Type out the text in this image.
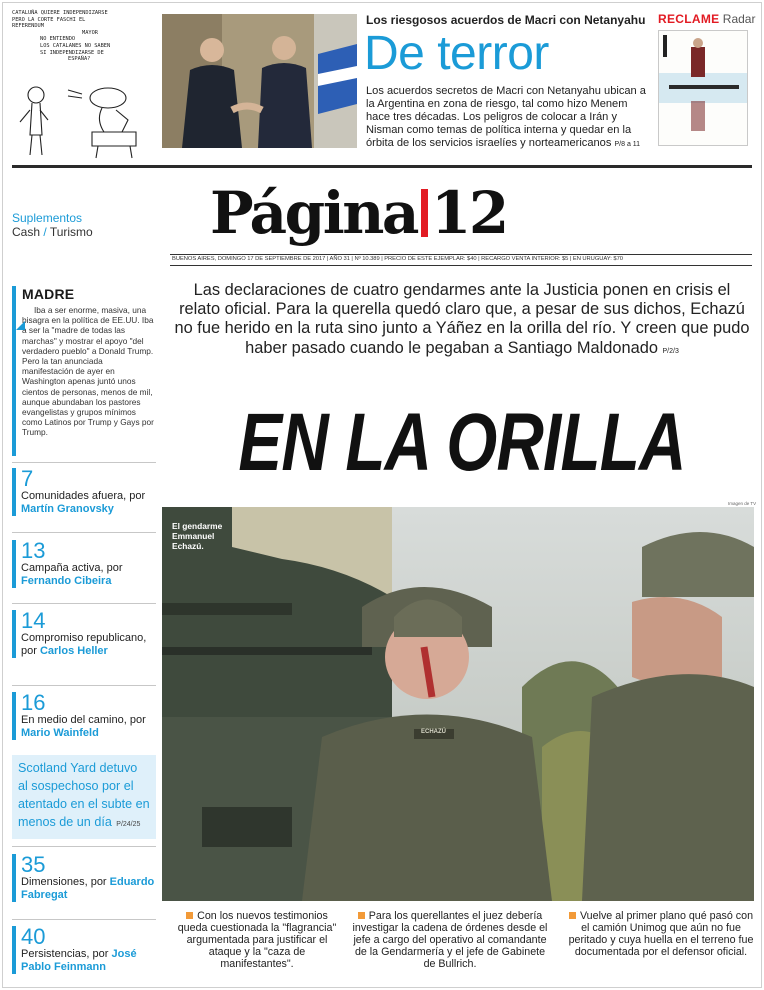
CATALUÑA QUIERE INDEPENDIZARSE
PERO LA CORTE FASCHI EL
REFERENDUM
MAYOR
NO ENTIENDO
LOS CATALANES NO SABEN
SI INDEPENDIZARSE DE
ESPAÑA?
Los riesgosos acuerdos de Macri con Netanyahu
De terror
Los acuerdos secretos de Macri con Netanyahu ubican a la Argentina en zona de riesgo, tal como hizo Menem hace tres décadas. Los peligros de colocar a Irán y Nisman como temas de política interna y quedar en la órbita de los servicios israelíes y norteamericanos P/8 a 11
RECLAME Radar
Suplementos
Cash / Turismo Página 12
BUENOS AIRES, DOMINGO 17 DE SEPTIEMBRE DE 2017 | AÑO 31 | Nº 10.389 | PRECIO DE ESTE EJEMPLAR: $40 | RECARGO VENTA INTERIOR: $5 | EN URUGUAY: $70
MADRE
Iba a ser enorme, masiva, una bisagra en la política de EE.UU. Iba a ser la "madre de todas las marchas" y mostrar el apoyo "del verdadero pueblo" a Donald Trump. Pero la tan anunciada manifestación de ayer en Washington apenas juntó unos cientos de personas, menos de mil, aunque abundaban los pastores evangelistas y grupos mínimos como Latinos por Trump y Gays por Trump.
7
Comunidades afuera, por Martín Granovsky
13
Campaña activa, por Fernando Cibeira
14
Compromiso republicano, por Carlos Heller
16
En medio del camino, por Mario Wainfeld
Scotland Yard detuvo al sospechoso por el atentado en el subte en menos de un día P/24/25
35
Dimensiones, por Eduardo Fabregat
40
Persistencias, por José Pablo Feinmann
Las declaraciones de cuatro gendarmes ante la Justicia ponen en crisis el relato oficial. Para la querella quedó claro que, a pesar de sus dichos, Echazú no fue herido en la ruta sino junto a Yáñez en la orilla del río. Y creen que pudo haber pasado cuando le pegaban a Santiago Maldonado P/2/3
EN LA ORILLA
Imagen de TV
ECHAZÚ
El gendarme Emmanuel Echazú.
Con los nuevos testimonios queda cuestionada la "flagrancia" argumentada para justificar el ataque y la "caza de manifestantes".
Para los querellantes el juez debería investigar la cadena de órdenes desde el jefe a cargo del operativo al comandante de la Gendarmería y el jefe de Gabinete de Bullrich.
Vuelve al primer plano qué pasó con el camión Unimog que aún no fue peritado y cuya huella en el terreno fue documentada por el defensor oficial.
